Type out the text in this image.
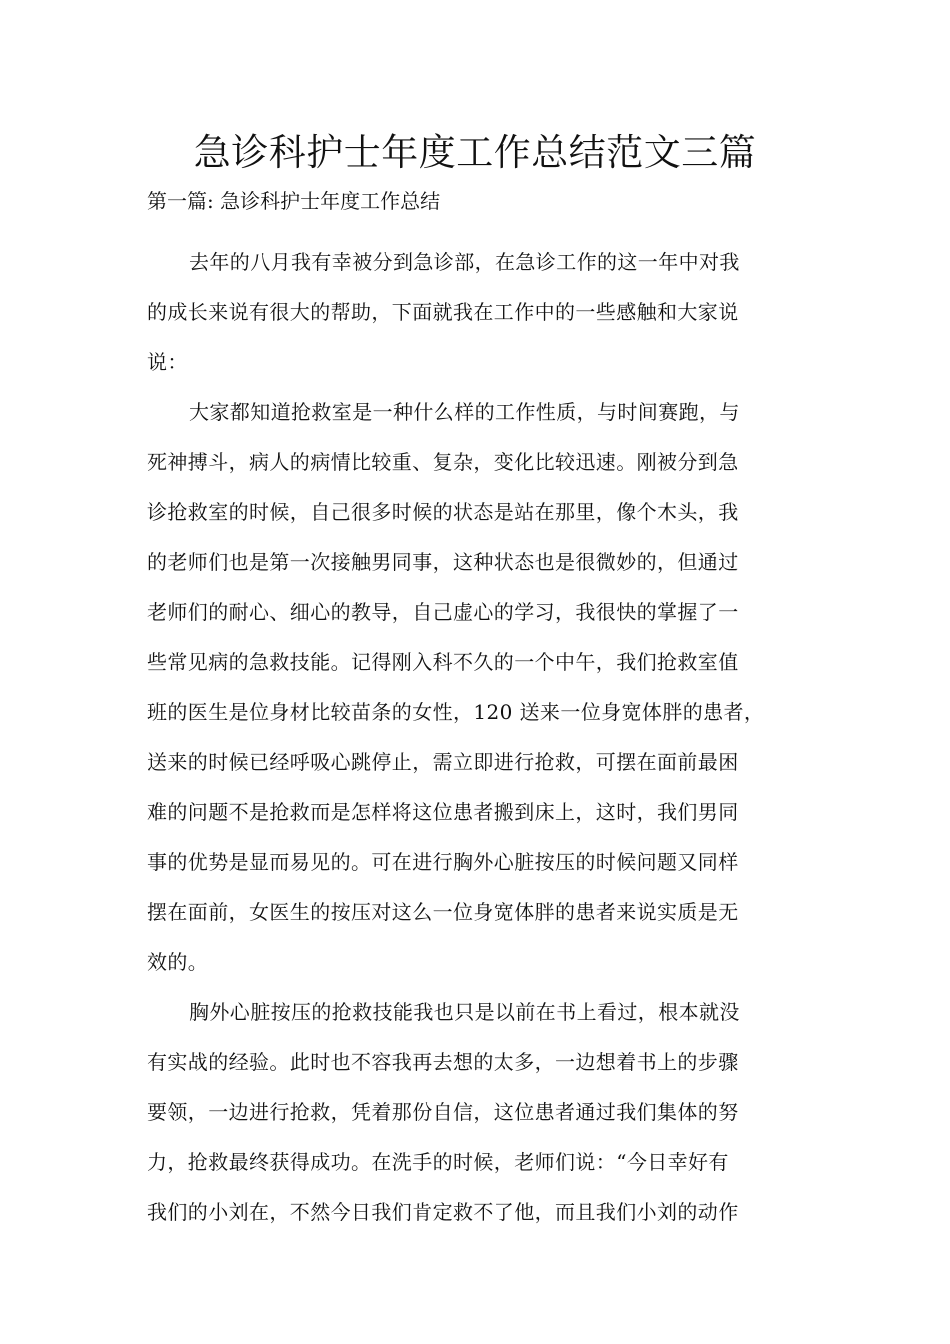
急诊科护士年度工作总结范文三篇
第一篇: 急诊科护士年度工作总结
去年的八月我有幸被分到急诊部，在急诊工作的这一年中对我
的成长来说有很大的帮助，下面就我在工作中的一些感触和大家说
说：
大家都知道抢救室是一种什么样的工作性质，与时间赛跑，与
死神搏斗，病人的病情比较重、复杂，变化比较迅速。刚被分到急
诊抢救室的时候，自己很多时候的状态是站在那里，像个木头，我
的老师们也是第一次接触男同事，这种状态也是很微妙的，但通过
老师们的耐心、细心的教导，自己虚心的学习，我很快的掌握了一
些常见病的急救技能。记得刚入科不久的一个中午，我们抢救室值
班的医生是位身材比较苗条的女性，120 送来一位身宽体胖的患者，
送来的时候已经呼吸心跳停止，需立即进行抢救，可摆在面前最困
难的问题不是抢救而是怎样将这位患者搬到床上，这时，我们男同
事的优势是显而易见的。可在进行胸外心脏按压的时候问题又同样
摆在面前，女医生的按压对这么一位身宽体胖的患者来说实质是无
效的。
胸外心脏按压的抢救技能我也只是以前在书上看过，根本就没
有实战的经验。此时也不容我再去想的太多，一边想着书上的步骤
要领，一边进行抢救，凭着那份自信，这位患者通过我们集体的努
力，抢救最终获得成功。在洗手的时候，老师们说：“今日幸好有
我们的小刘在，不然今日我们肯定救不了他，而且我们小刘的动作
